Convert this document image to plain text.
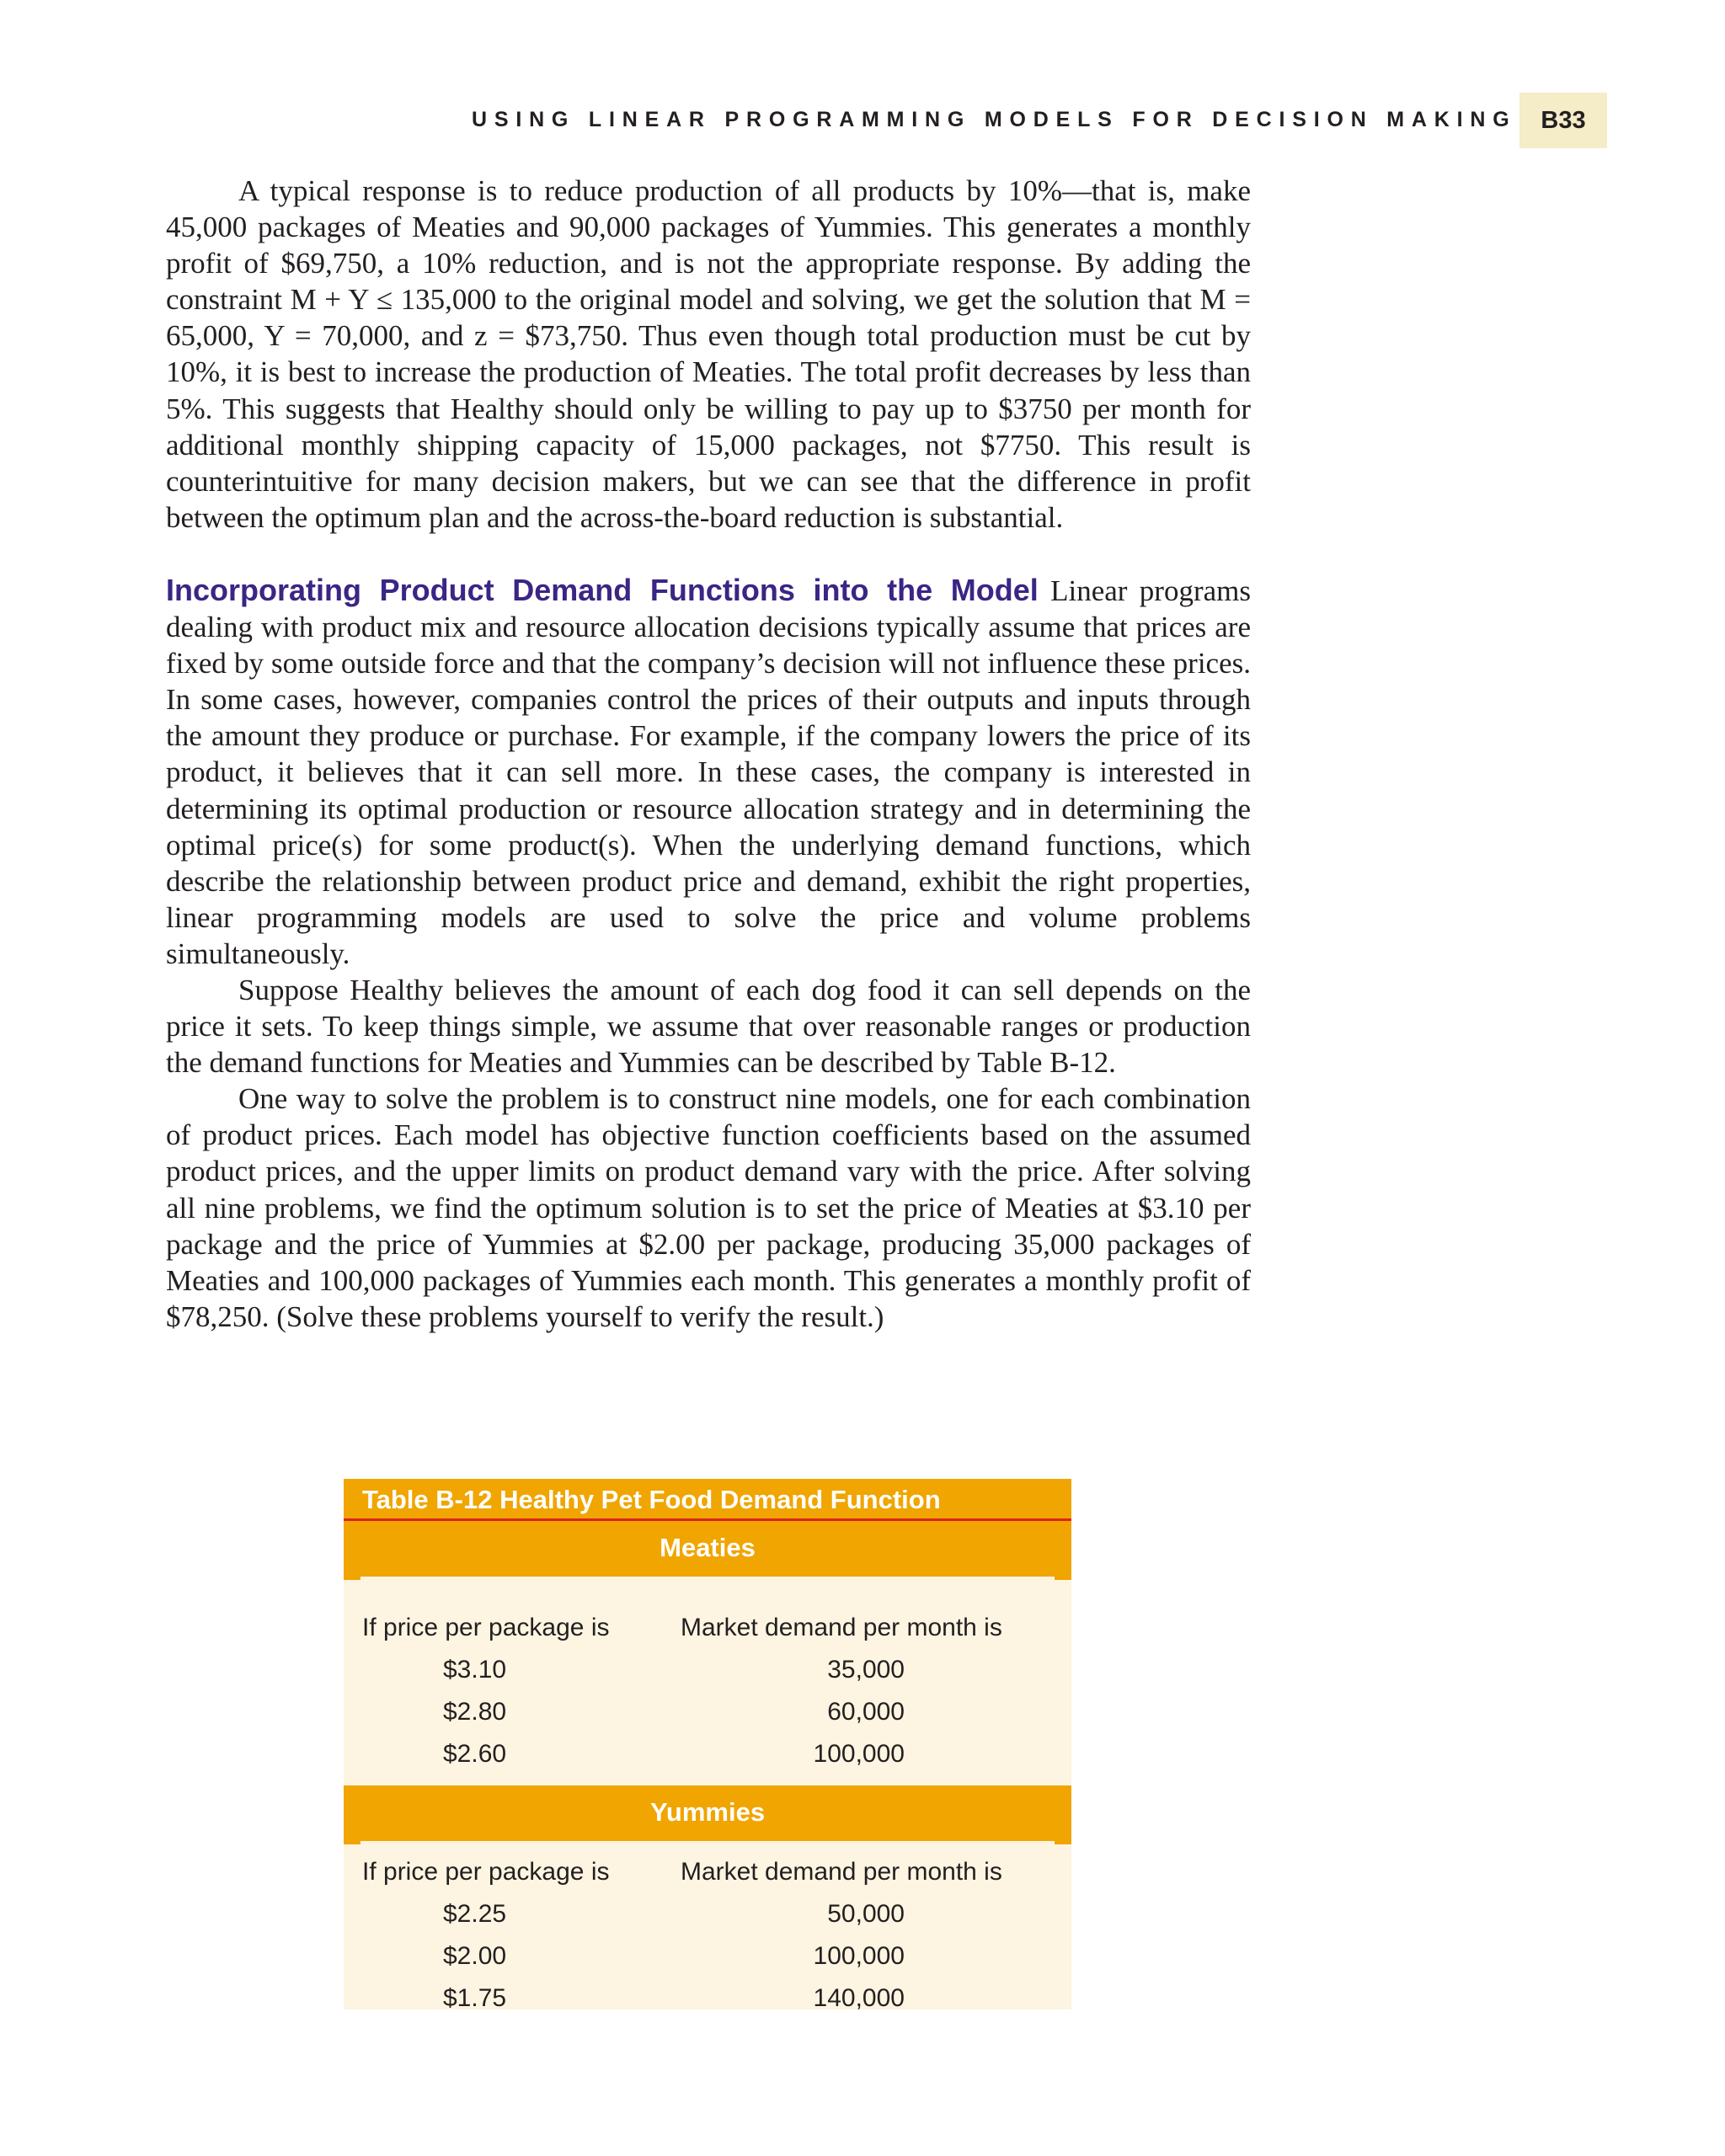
USING LINEAR PROGRAMMING MODELS FOR DECISION MAKING B33

A typical response is to reduce production of all products by 10%—that is, make 45,000 packages of Meaties and 90,000 packages of Yummies. This generates a monthly profit of $69,750, a 10% reduction, and is not the appropriate response. By adding the constraint M + Y ≤ 135,000 to the original model and solving, we get the solution that M = 65,000, Y = 70,000, and z = $73,750. Thus even though total production must be cut by 10%, it is best to increase the production of Meaties. The total profit decreases by less than 5%. This suggests that Healthy should only be willing to pay up to $3750 per month for additional monthly shipping capacity of 15,000 packages, not $7750. This result is counterintuitive for many decision makers, but we can see that the difference in profit between the optimum plan and the across-the-board reduction is substantial.

Incorporating Product Demand Functions into the Model Linear programs dealing with product mix and resource allocation decisions typically assume that prices are fixed by some outside force and that the company’s decision will not influence these prices. In some cases, however, companies control the prices of their outputs and inputs through the amount they produce or purchase. For example, if the company lowers the price of its product, it believes that it can sell more. In these cases, the company is interested in determining its optimal production or resource allocation strategy and in determining the optimal price(s) for some product(s). When the underlying demand functions, which describe the relationship between product price and demand, exhibit the right properties, linear programming models are used to solve the price and volume problems simultaneously.

Suppose Healthy believes the amount of each dog food it can sell depends on the price it sets. To keep things simple, we assume that over reasonable ranges or production the demand functions for Meaties and Yummies can be described by Table B-12.

One way to solve the problem is to construct nine models, one for each combination of product prices. Each model has objective function coefficients based on the assumed product prices, and the upper limits on product demand vary with the price. After solving all nine problems, we find the optimum solution is to set the price of Meaties at $3.10 per package and the price of Yummies at $2.00 per package, producing 35,000 packages of Meaties and 100,000 packages of Yummies each month. This generates a monthly profit of $78,250. (Solve these problems yourself to verify the result.)

Table B-12 Healthy Pet Food Demand Function
Meaties
If price per package is	Market demand per month is
$3.10	35,000
$2.80	60,000
$2.60	100,000
Yummies
If price per package is	Market demand per month is
$2.25	50,000
$2.00	100,000
$1.75	140,000
